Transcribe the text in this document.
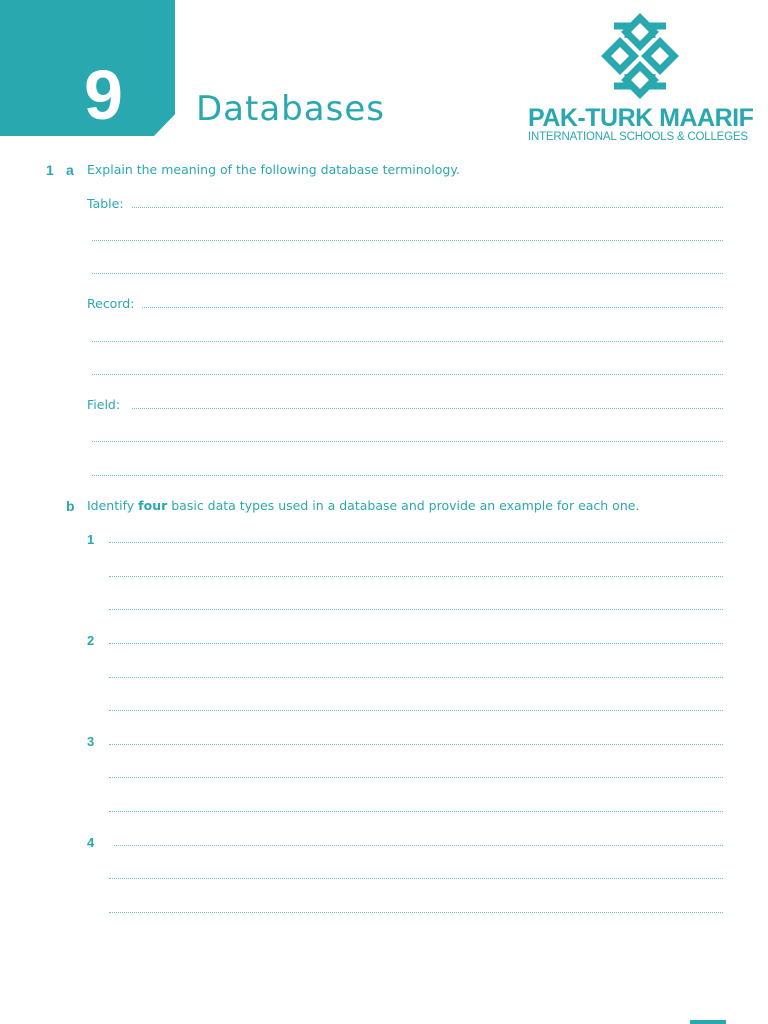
9 Databases	PAK-TURK MAARIF
INTERNATIONAL SCHOOLS & COLLEGES
1 a Explain the meaning of the following database terminology.
Table:
Record:
Field:
b Identify four basic data types used in a database and provide an example for each one.
1
2
3
4
